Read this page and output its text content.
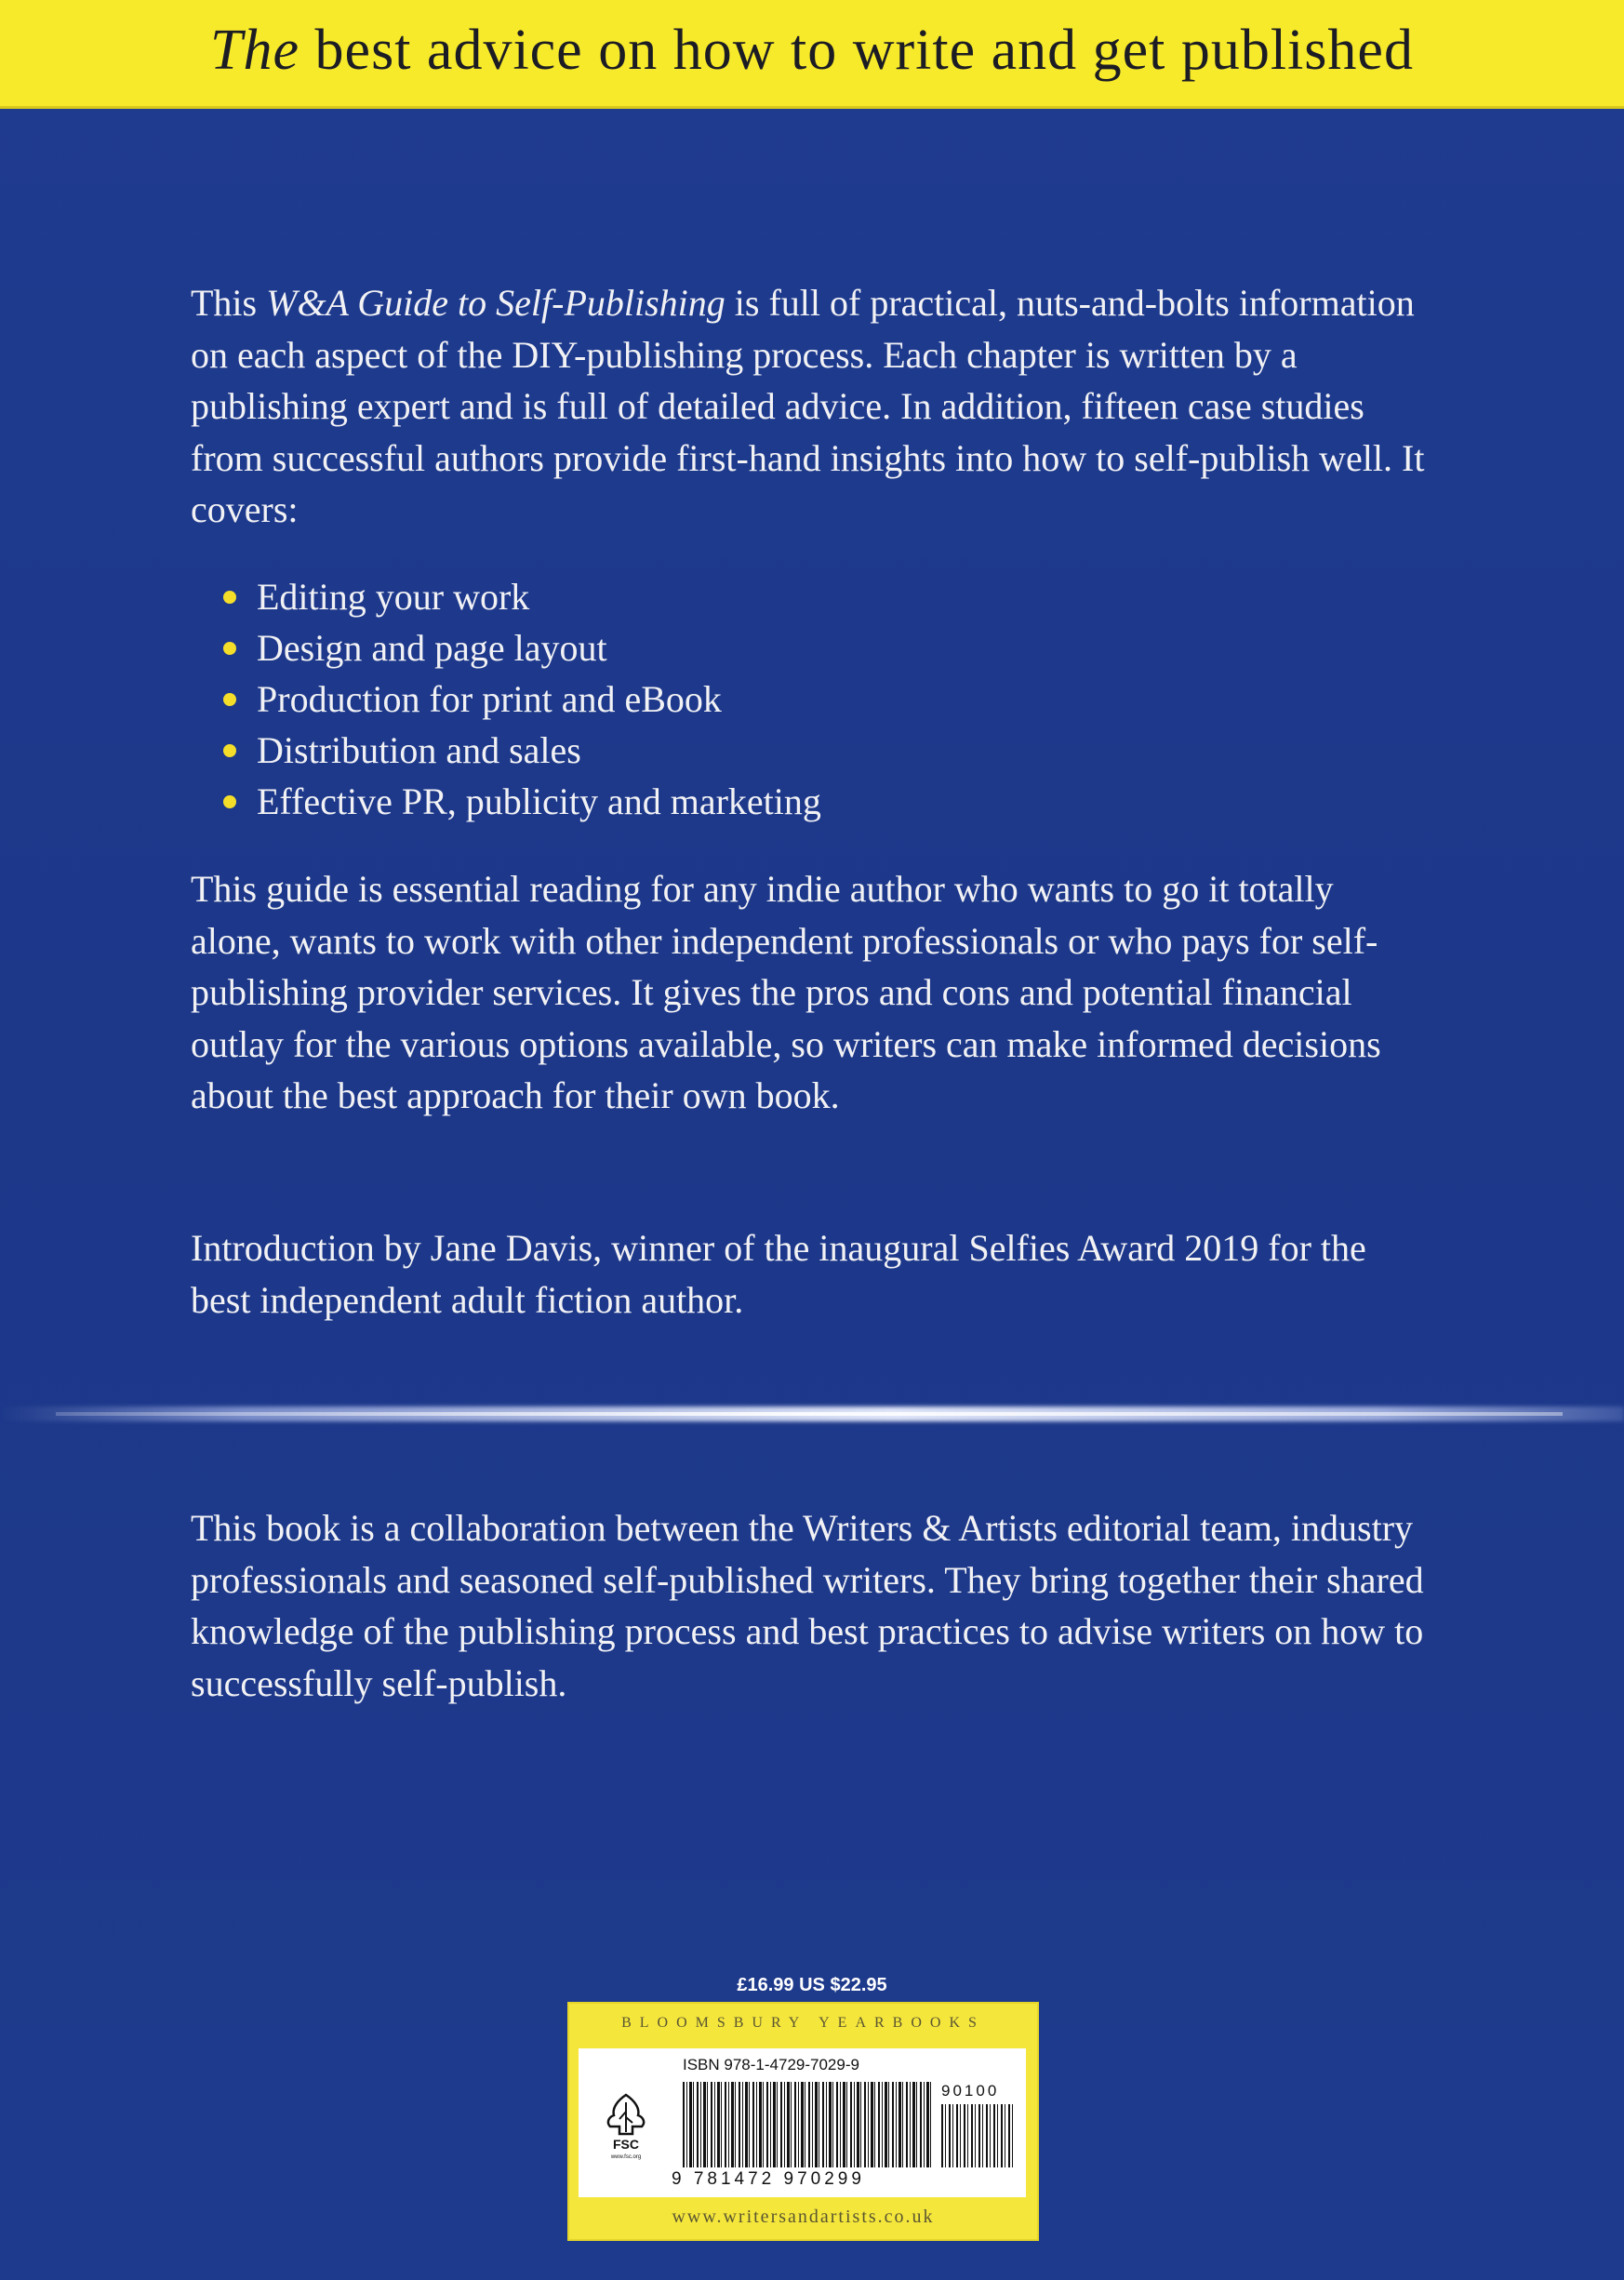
The best advice on how to write and get published

This W&A Guide to Self-Publishing is full of practical, nuts-and-bolts information on each aspect of the DIY-publishing process. Each chapter is written by a publishing expert and is full of detailed advice. In addition, fifteen case studies from successful authors provide first-hand insights into how to self-publish well. It covers:

Editing your work
Design and page layout
Production for print and eBook
Distribution and sales
Effective PR, publicity and marketing

This guide is essential reading for any indie author who wants to go it totally alone, wants to work with other independent professionals or who pays for self-publishing provider services. It gives the pros and cons and potential financial outlay for the various options available, so writers can make informed decisions about the best approach for their own book.

Introduction by Jane Davis, winner of the inaugural Selfies Award 2019 for the best independent adult fiction author.

This book is a collaboration between the Writers & Artists editorial team, industry professionals and seasoned self-published writers. They bring together their shared knowledge of the publishing process and best practices to advise writers on how to successfully self-publish.

£16.99 US $22.95
BLOOMSBURY YEARBOOKS
FSC
www.fsc.org
ISBN 978-1-4729-7029-9
90100
9 781472 970299
www.writersandartists.co.uk
